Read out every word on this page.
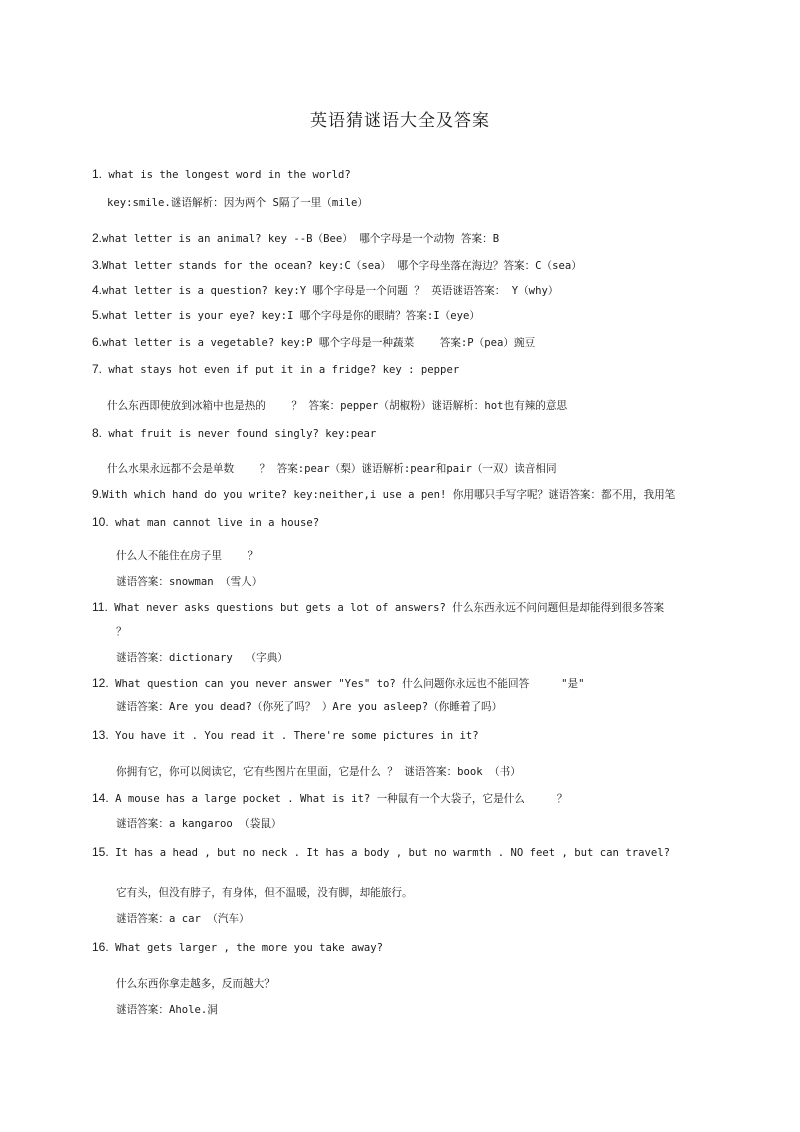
英语猜谜语大全及答案
1. what is the longest word in the world?
key:smile.谜语解析：因为两个 S隔了一里（mile）
2.what letter is an animal? key --B（Bee） 哪个字母是一个动物 答案：B
3.What letter stands for the ocean? key:C（sea） 哪个字母坐落在海边？答案：C（sea）
4.what letter is a question? key:Y 哪个字母是一个问题 ？ 英语谜语答案： Y（why）
5.what letter is your eye? key:I 哪个字母是你的眼睛？答案:I（eye）
6.what letter is a vegetable? key:P 哪个字母是一种蔬菜    答案:P（pea）豌豆
7. what stays hot even if put it in a fridge? key : pepper
什么东西即使放到冰箱中也是热的    ？ 答案：pepper（胡椒粉）谜语解析：hot也有辣的意思
8. what fruit is never found singly? key:pear
什么水果永远都不会是单数    ？ 答案:pear（梨）谜语解析:pear和pair（一双）读音相同
9.With which hand do you write? key:neither,i use a pen! 你用哪只手写字呢？谜语答案：都不用，我用笔
10. what man cannot live in a house?
什么人不能住在房子里    ？
谜语答案：snowman （雪人）
11. What never asks questions but gets a lot of answers? 什么东西永远不问问题但是却能得到很多答案
？
谜语答案：dictionary  （字典）
12. What question can you never answer "Yes" to? 什么问题你永远也不能回答     "是"
谜语答案：Are you dead?（你死了吗？ ）Are you asleep?（你睡着了吗）
13. You have it . You read it . There're some pictures in it?
你拥有它，你可以阅读它，它有些图片在里面，它是什么 ？ 谜语答案：book （书）
14. A mouse has a large pocket . What is it? 一种鼠有一个大袋子，它是什么     ？
谜语答案：a kangaroo （袋鼠）
15. It has a head , but no neck . It has a body , but no warmth . NO feet , but can travel?
它有头，但没有脖子，有身体，但不温暖，没有脚，却能旅行。
谜语答案：a car （汽车）
16. What gets larger , the more you take away?
什么东西你拿走越多，反而越大？
谜语答案：Ahole.洞
